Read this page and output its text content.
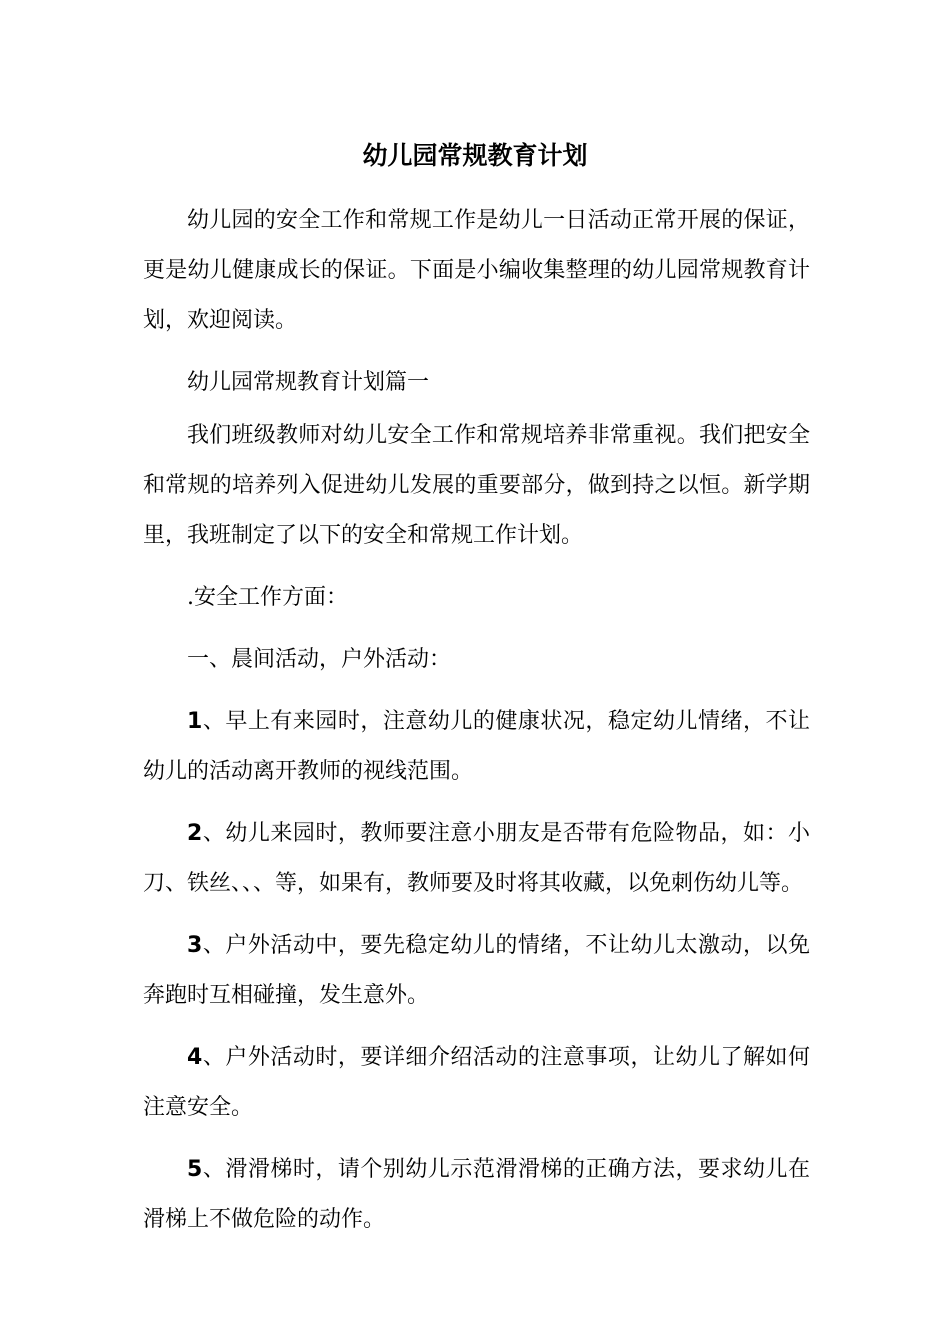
幼儿园常规教育计划

幼儿园的安全工作和常规工作是幼儿一日活动正常开展的保证，更是幼儿健康成长的保证。下面是小编收集整理的幼儿园常规教育计划，欢迎阅读。

幼儿园常规教育计划篇一

我们班级教师对幼儿安全工作和常规培养非常重视。我们把安全和常规的培养列入促进幼儿发展的重要部分，做到持之以恒。新学期里，我班制定了以下的安全和常规工作计划。

.安全工作方面：

一、晨间活动，户外活动：

1、早上有来园时，注意幼儿的健康状况，稳定幼儿情绪，不让幼儿的活动离开教师的视线范围。

2、幼儿来园时，教师要注意小朋友是否带有危险物品，如：小刀、铁丝、、、等，如果有，教师要及时将其收藏，以免刺伤幼儿等。

3、户外活动中，要先稳定幼儿的情绪，不让幼儿太激动，以免奔跑时互相碰撞，发生意外。

4、户外活动时，要详细介绍活动的注意事项，让幼儿了解如何注意安全。

5、滑滑梯时，请个别幼儿示范滑滑梯的正确方法，要求幼儿在滑梯上不做危险的动作。
